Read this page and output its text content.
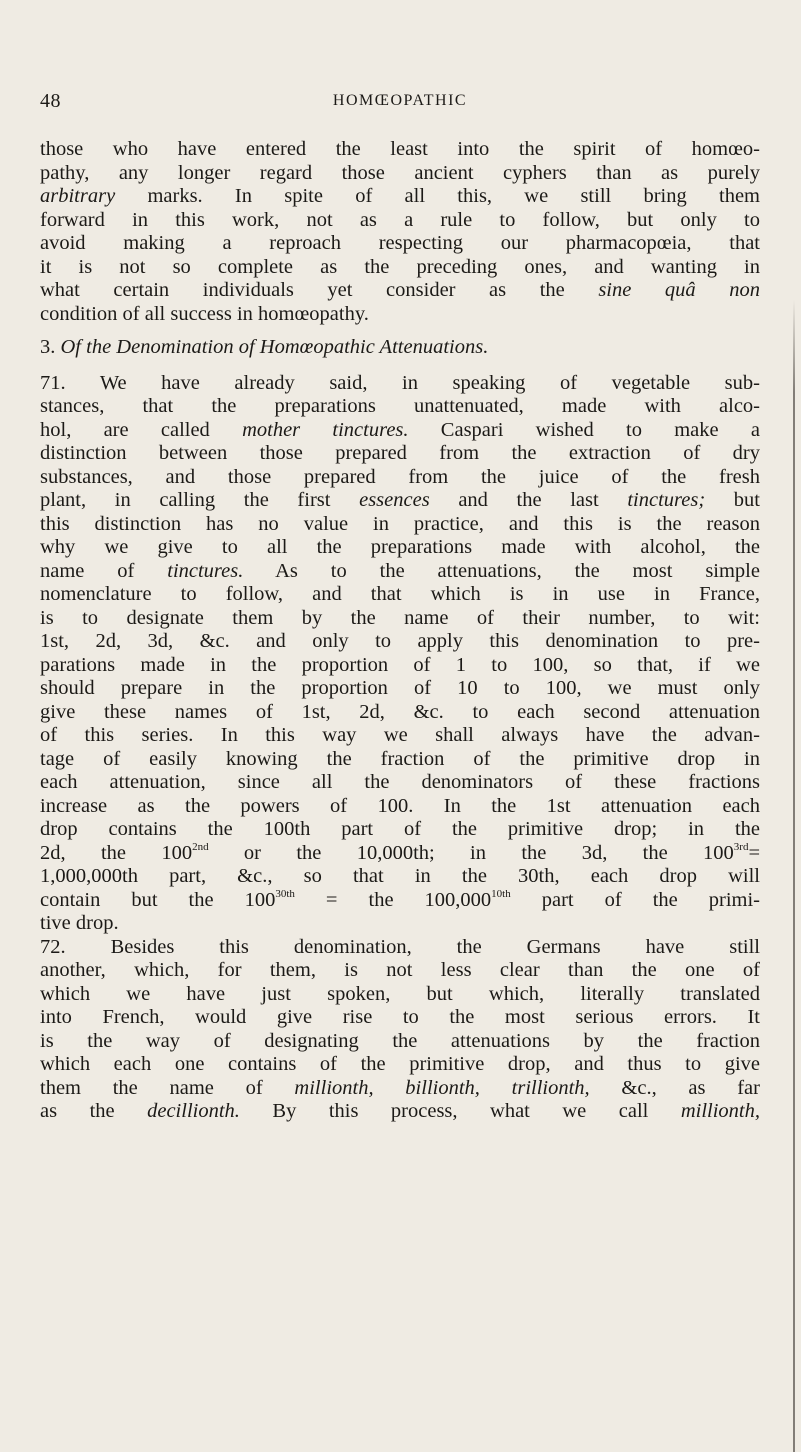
48	HOMŒOPATHIC
those who have entered the least into the spirit of homœo-
pathy, any longer regard those ancient cyphers than as purely
arbitrary marks. In spite of all this, we still bring them
forward in this work, not as a rule to follow, but only to
avoid making a reproach respecting our pharmacopœia, that
it is not so complete as the preceding ones, and wanting in
what certain individuals yet consider as the sine quâ non
condition of all success in homœopathy.
3. Of the Denomination of Homœopathic Attenuations.
71. We have already said, in speaking of vegetable sub-
stances, that the preparations unattenuated, made with alco-
hol, are called mother tinctures. Caspari wished to make a
distinction between those prepared from the extraction of dry
substances, and those prepared from the juice of the fresh
plant, in calling the first essences and the last tinctures; but
this distinction has no value in practice, and this is the reason
why we give to all the preparations made with alcohol, the
name of tinctures. As to the attenuations, the most simple
nomenclature to follow, and that which is in use in France,
is to designate them by the name of their number, to wit:
1st, 2d, 3d, &c. and only to apply this denomination to pre-
parations made in the proportion of 1 to 100, so that, if we
should prepare in the proportion of 10 to 100, we must only
give these names of 1st, 2d, &c. to each second attenuation
of this series. In this way we shall always have the advan-
tage of easily knowing the fraction of the primitive drop in
each attenuation, since all the denominators of these fractions
increase as the powers of 100. In the 1st attenuation each
drop contains the 100th part of the primitive drop; in the
2d, the $100^{2nd}$ or the 10,000th; in the 3d, the $100^{3rd}=$
1,000,000th part, &c., so that in the 30th, each drop will
contain but the $100^{30th}$ = the $100,000^{10th}$ part of the primi-
tive drop.
72. Besides this denomination, the Germans have still
another, which, for them, is not less clear than the one of
which we have just spoken, but which, literally translated
into French, would give rise to the most serious errors. It
is the way of designating the attenuations by the fraction
which each one contains of the primitive drop, and thus to give
them the name of millionth, billionth, trillionth, &c., as far
as the decillionth. By this process, what we call millionth,
